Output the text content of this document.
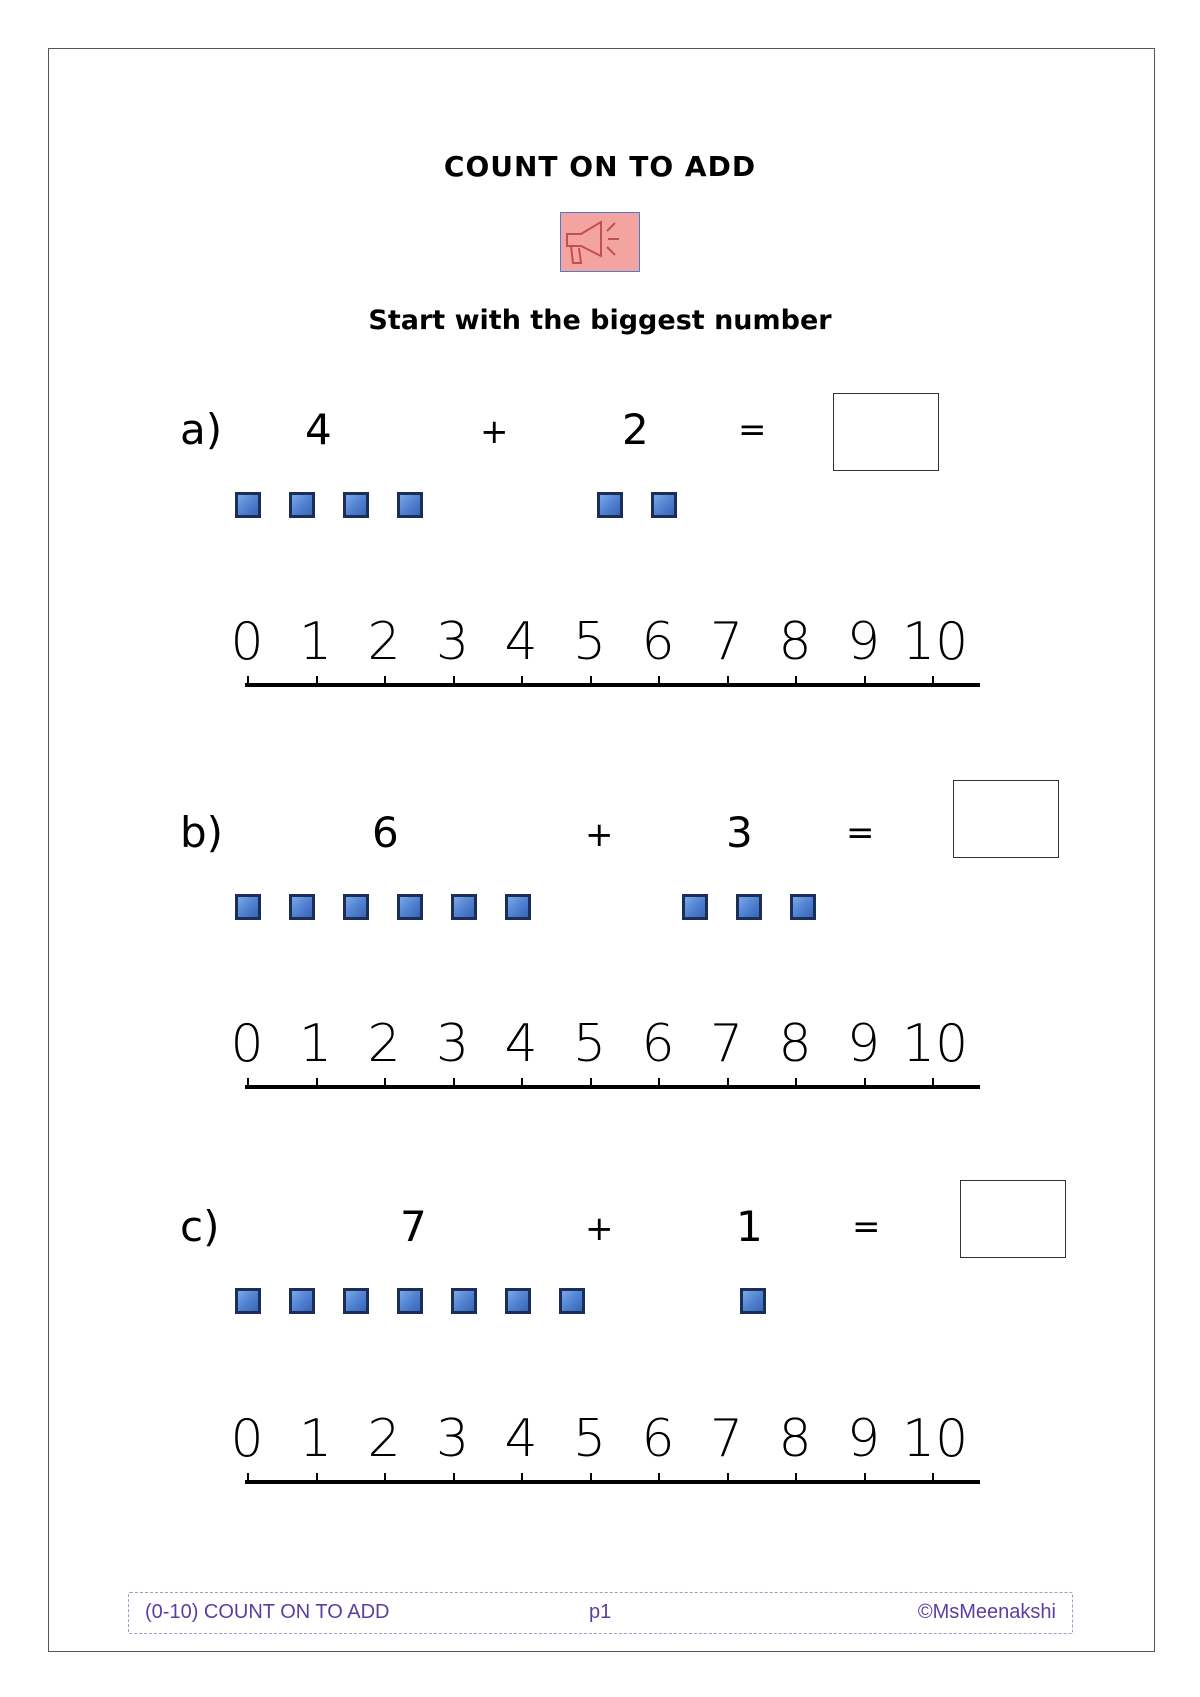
COUNT ON TO ADD
Start with the biggest number
a) 4	+	2	=
0 1 2 3 4 5 6 7 8 9 10
b)	6	+	3	=
0 1 2 3 4 5 6 7 8 9 10
c)	7	+	1	=
0 1 2 3 4 5 6 7 8 9 10
(0-10) COUNT ON TO ADD	p1	©MsMeenakshi
